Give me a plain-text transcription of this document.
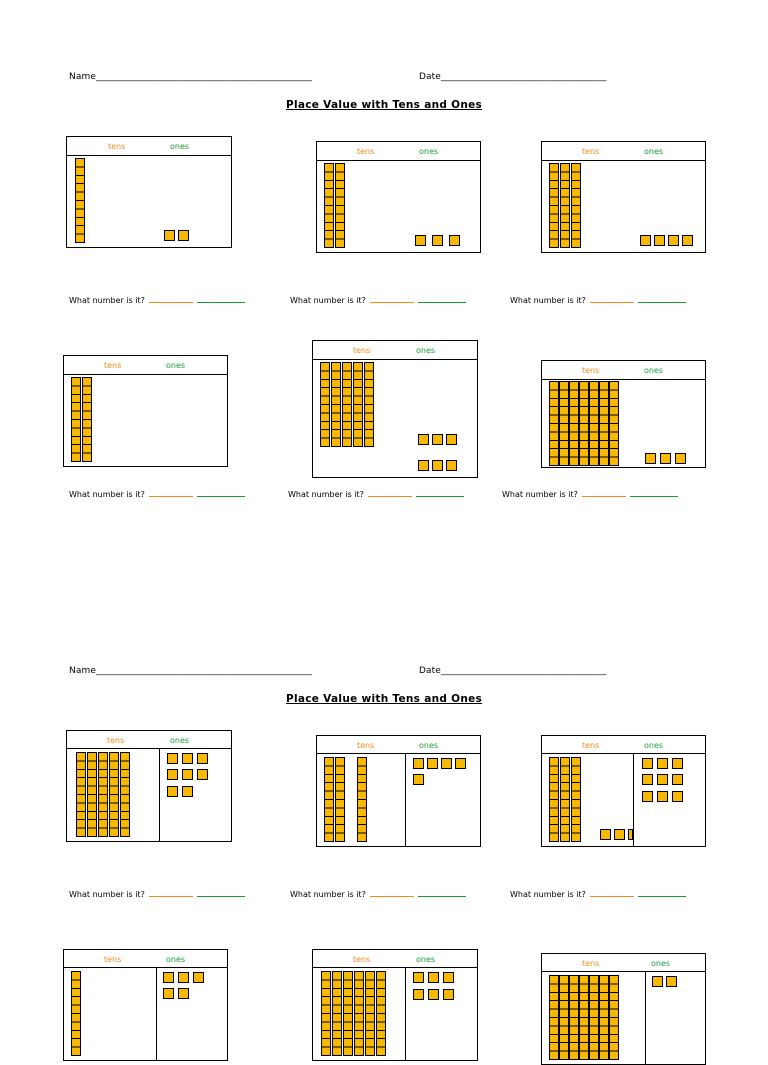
Name_______________________________________________	Date____________________________________
Place Value with Tens and Ones
tens	ones
tens	ones	tens	ones
What number is it?	What number is it?	What number is it?
tens	ones
tens	ones
tens	ones
What number is it?	What number is it?	What number is it?
Name_______________________________________________	Date____________________________________
Place Value with Tens and Ones
tens	ones
tens	ones	tens	ones
What number is it?	What number is it?	What number is it?
tens	ones	tens	ones	tens	ones
